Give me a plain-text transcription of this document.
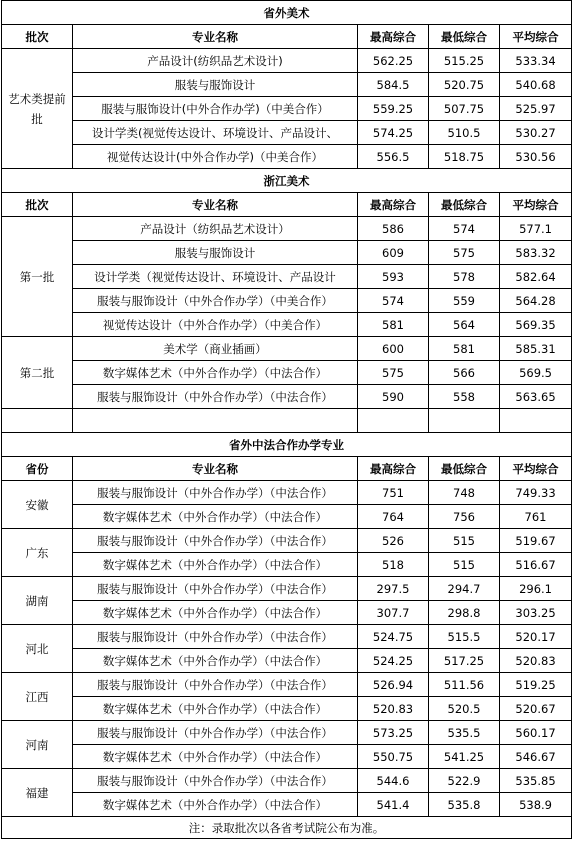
省外美术				
批次	专业名称	最高综合	最低综合	平均综合
艺术类提前批	产品设计(纺织品艺术设计)	562.25	515.25	533.34
	服装与服饰设计	584.5	520.75	540.68
	服装与服饰设计(中外合作办学)（中美合作）	559.25	507.75	525.97
	设计学类(视觉传达设计、环境设计、产品设计、	574.25	510.5	530.27
	视觉传达设计(中外合作办学)（中美合作）	556.5	518.75	530.56
浙江美术				
批次	专业名称	最高综合	最低综合	平均综合
第一批	产品设计（纺织品艺术设计）	586	574	577.1
	服装与服饰设计	609	575	583.32
	设计学类（视觉传达设计、环境设计、产品设计	593	578	582.64
	服装与服饰设计（中外合作办学）（中美合作）	574	559	564.28
	视觉传达设计（中外合作办学）（中美合作）	581	564	569.35
第二批	美术学（商业插画）	600	581	585.31
	数字媒体艺术（中外合作办学）（中法合作）	575	566	569.5
	服装与服饰设计（中外合作办学）（中法合作）	590	558	563.65

省外中法合作办学专业				
省份	专业名称	最高综合	最低综合	平均综合
安徽	服装与服饰设计（中外合作办学）（中法合作）	751	748	749.33
	数字媒体艺术（中外合作办学）（中法合作）	764	756	761
广东	服装与服饰设计（中外合作办学）（中法合作）	526	515	519.67
	数字媒体艺术（中外合作办学）（中法合作）	518	515	516.67
湖南	服装与服饰设计（中外合作办学）（中法合作）	297.5	294.7	296.1
	数字媒体艺术（中外合作办学）（中法合作）	307.7	298.8	303.25
河北	服装与服饰设计（中外合作办学）（中法合作）	524.75	515.5	520.17
	数字媒体艺术（中外合作办学）（中法合作）	524.25	517.25	520.83
江西	服装与服饰设计（中外合作办学）（中法合作）	526.94	511.56	519.25
	数字媒体艺术（中外合作办学）（中法合作）	520.83	520.5	520.67
河南	服装与服饰设计（中外合作办学）（中法合作）	573.25	535.5	560.17
	数字媒体艺术（中外合作办学）（中法合作）	550.75	541.25	546.67
福建	服装与服饰设计（中外合作办学）（中法合作）	544.6	522.9	535.85
	数字媒体艺术（中外合作办学）（中法合作）	541.4	535.8	538.9
注：录取批次以各省考试院公布为准。				
